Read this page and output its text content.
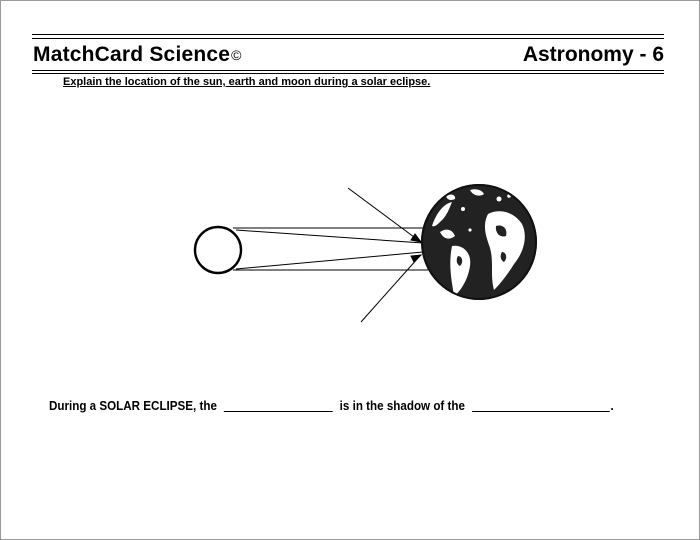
MatchCard Science©	Astronomy - 6
Explain the location of the sun, earth and moon during a solar eclipse.
During a SOLAR ECLIPSE, the	is in the shadow of the	.
